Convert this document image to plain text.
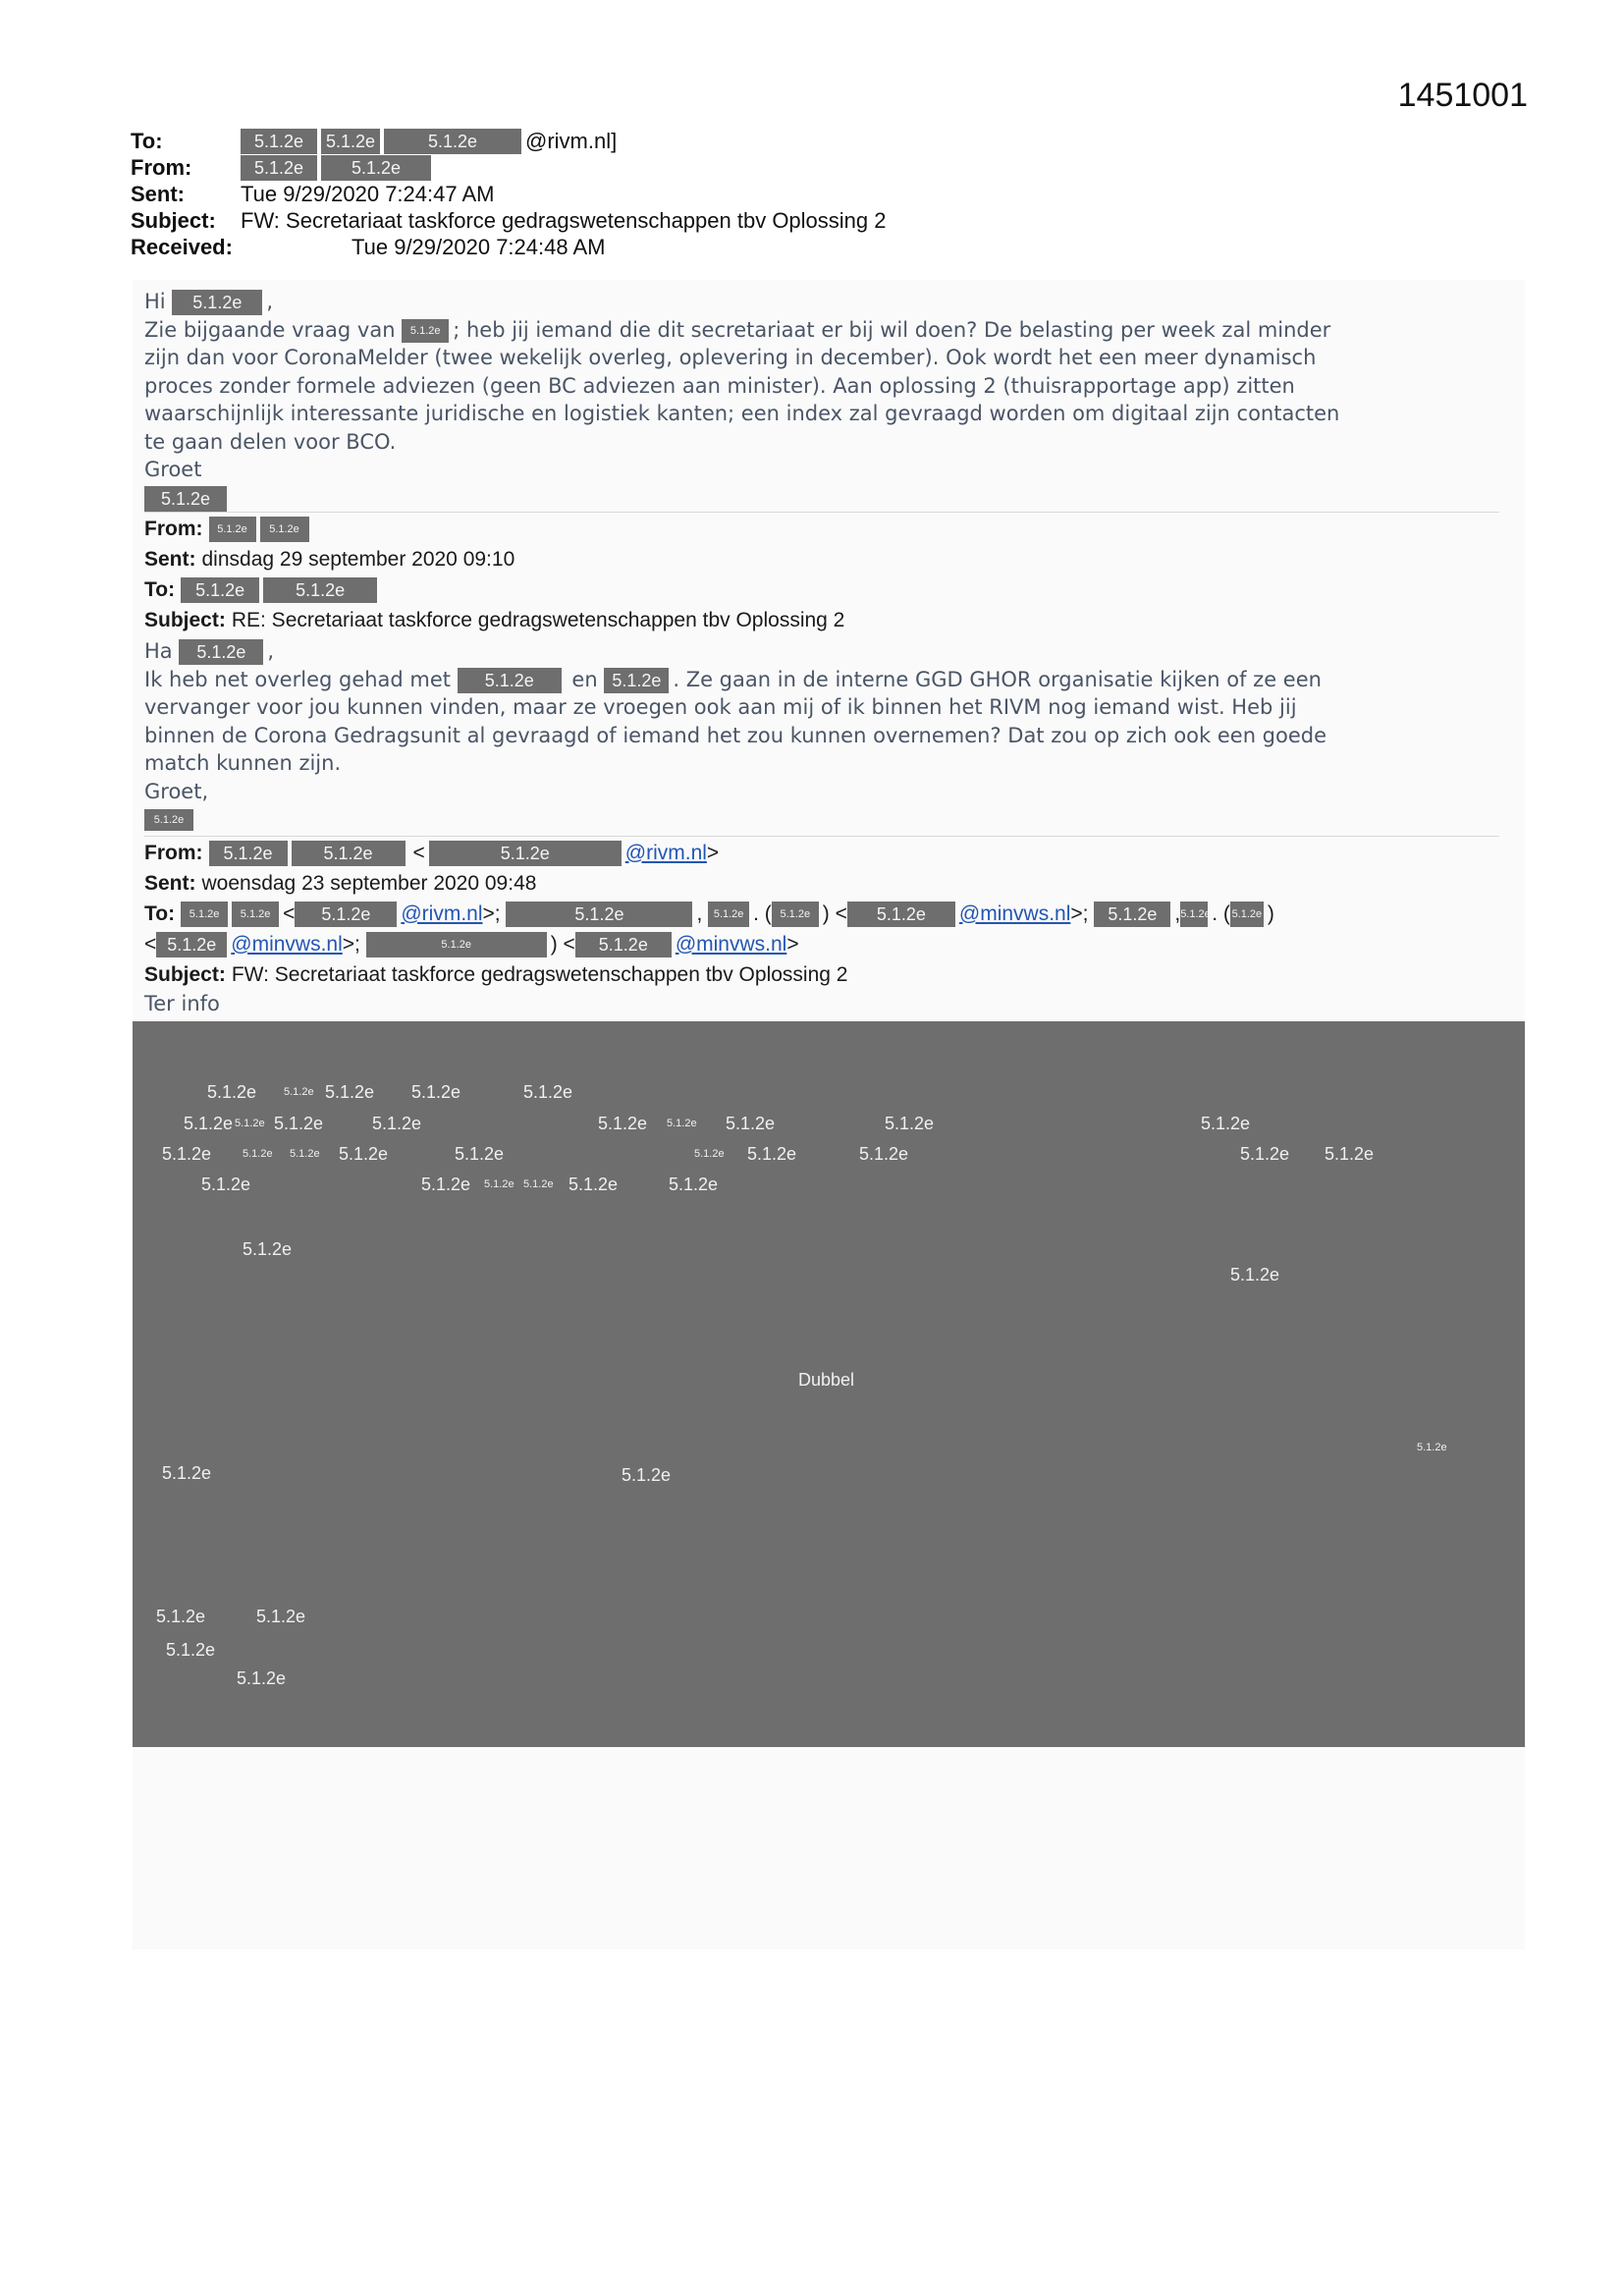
1451001
To:	5.1.2e	5.1.2e	5.1.2e	@rivm.nl]
From:	5.1.2e	5.1.2e
Sent:	Tue 9/29/2020 7:24:47 AM
Subject:	FW: Secretariaat taskforce gedragswetenschappen tbv Oplossing 2
Received:	Tue 9/29/2020 7:24:48 AM

Hi 5.1.2e ,

Zie bijgaande vraag van 5.1.2e ; heb jij iemand die dit secretariaat er bij wil doen? De belasting per week zal minder

zijn dan voor CoronaMelder (twee wekelijk overleg, oplevering in december). Ook wordt het een meer dynamisch

proces zonder formele adviezen (geen BC adviezen aan minister). Aan oplossing 2 (thuisrapportage app) zitten

waarschijnlijk interessante juridische en logistiek kanten; een index zal gevraagd worden om digitaal zijn contacten

te gaan delen voor BCO.

Groet

5.1.2e

From:	5.1.2e	5.1.2e
Sent: dinsdag 29 september 2020 09:10
To:	5.1.2e	5.1.2e
Subject: RE: Secretariaat taskforce gedragswetenschappen tbv Oplossing 2

Ha 5.1.2e ,

Ik heb net overleg gehad met 5.1.2e en 5.1.2e . Ze gaan in de interne GGD GHOR organisatie kijken of ze een

vervanger voor jou kunnen vinden, maar ze vroegen ook aan mij of ik binnen het RIVM nog iemand wist. Heb jij

binnen de Corona Gedragsunit al gevraagd of iemand het zou kunnen overnemen? Dat zou op zich ook een goede

match kunnen zijn.

Groet,

5.1.2e

From:	5.1.2e	5.1.2e	<	5.1.2e	@rivm.nl >
Sent: woensdag 23 september 2020 09:48
To:	5.1.2e	5.1.2e <	5.1.2e	@rivm.nl >;	5.1.2e	, 5.1.2e . ( 5.1.2e ) <	5.1.2e	@minvws.nl >; 5.1.2e , 5.1.2e . ( 5.1.2e )
< 5.1.2e @minvws.nl >;	5.1.2e	) <	5.1.2e	@minvws.nl >
Subject: FW: Secretariaat taskforce gedragswetenschappen tbv Oplossing 2
Ter info
5.1.2e	5.1.2e 5.1.2e 5.1.2e	5.1.2e
5.1.2e 5.1.2e 5.1.2e	5.1.2e	5.1.2e 5.1.2e 5.1.2e	5.1.2e	5.1.2e
5.1.2e	5.1.2e 5.1.2e 5.1.2e	5.1.2e	5.1.2e 5.1.2e	5.1.2e	5.1.2e 5.1.2e
5.1.2e	5.1.2e 5.1.2e 5.1.2e 5.1.2e	5.1.2e
5.1.2e
5.1.2e
Dubbel
5.1.2e
5.1.2e	5.1.2e
5.1.2e	5.1.2e
5.1.2e
5.1.2e
